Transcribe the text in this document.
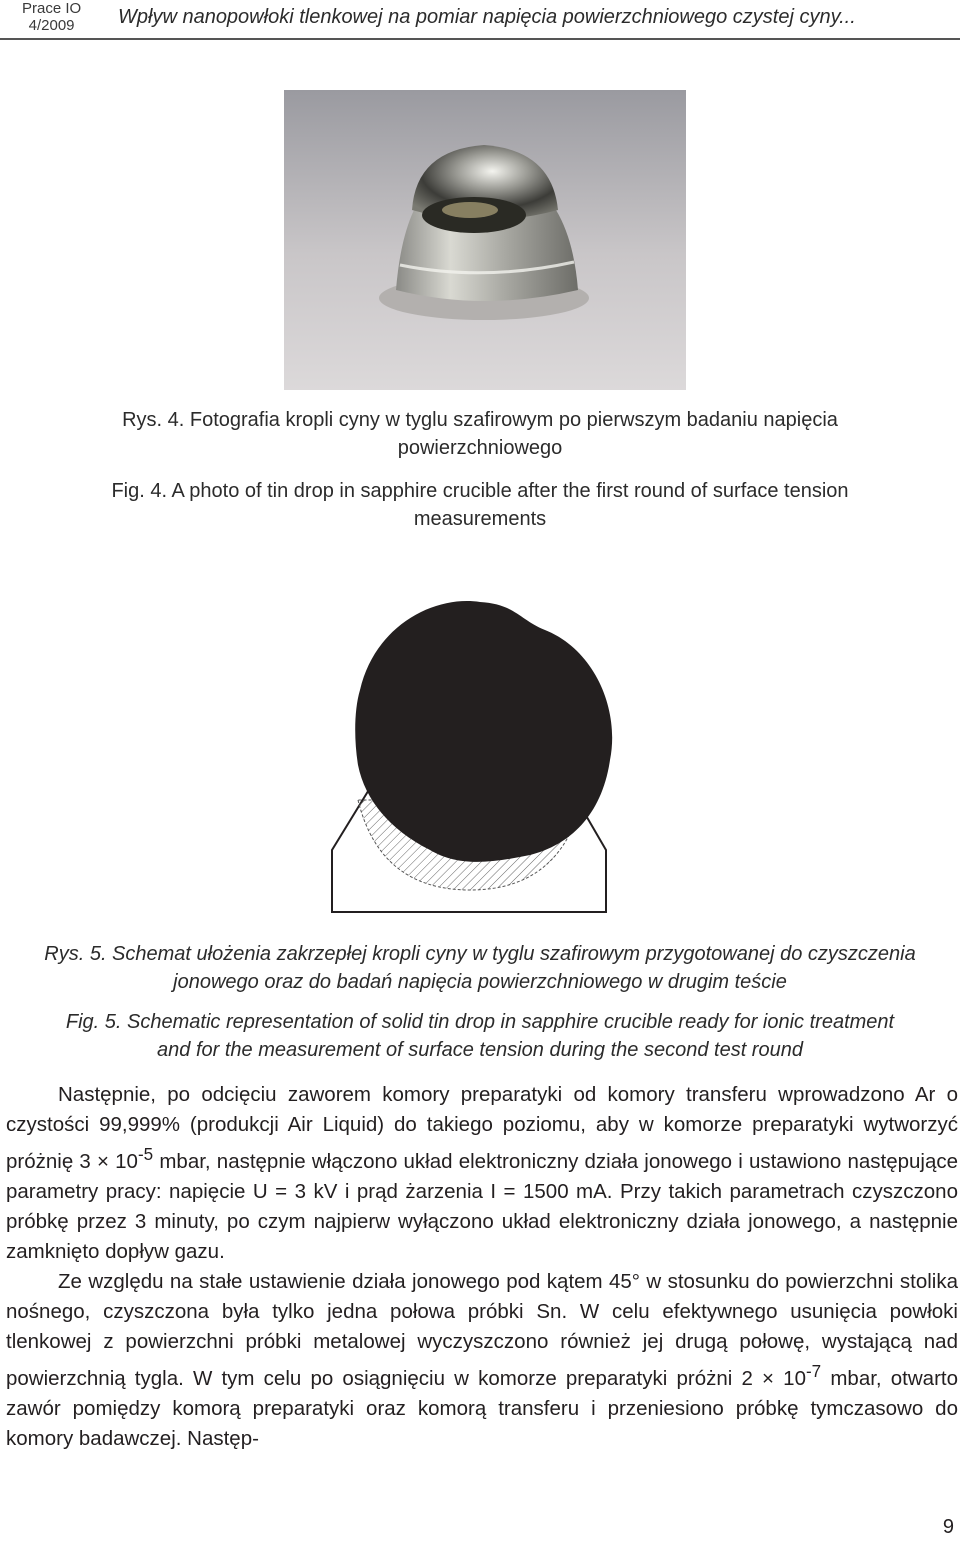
Prace IO
4/2009	Wpływ nanopowłoki tlenkowej na pomiar napięcia powierzchniowego czystej cyny...
Rys. 4. Fotografia kropli cyny w tyglu szafirowym po pierwszym badaniu napięcia
powierzchniowego
Fig. 4. A photo of tin drop in sapphire crucible after the first round of surface tension
measurements
Rys. 5. Schemat ułożenia zakrzepłej kropli cyny w tyglu szafirowym przygotowanej do czyszczenia
jonowego oraz do badań napięcia powierzchniowego w drugim teście
Fig. 5. Schematic representation of solid tin drop in sapphire crucible ready for ionic treatment
and for the measurement of surface tension during the second test round

Następnie, po odcięciu zaworem komory preparatyki od komory transferu wprowadzono Ar o czystości 99,999% (produkcji Air Liquid) do takiego poziomu, aby w komorze preparatyki wytworzyć próżnię $3 \times 10^{-5}$ mbar, następnie włączono układ elektroniczny działa jonowego i ustawiono następujące parametry pracy: napięcie U = 3 kV i prąd żarzenia I = 1500 mA. Przy takich parametrach czyszczono próbkę przez 3 minuty, po czym najpierw wyłączono układ elektroniczny działa jonowego, a następnie zamknięto dopływ gazu.

Ze względu na stałe ustawienie działa jonowego pod kątem 45° w stosunku do powierzchni stolika nośnego, czyszczona była tylko jedna połowa próbki Sn. W celu efektywnego usunięcia powłoki tlenkowej z powierzchni próbki metalowej wyczyszczono również jej drugą połowę, wystającą nad powierzchnią tygla. W tym celu po osiągnięciu w komorze preparatyki próżni $2 \times 10^{-7}$ mbar, otwarto zawór pomiędzy komorą preparatyki oraz komorą transferu i przeniesiono próbkę tymczasowo do komory badawczej. Następ-

9
